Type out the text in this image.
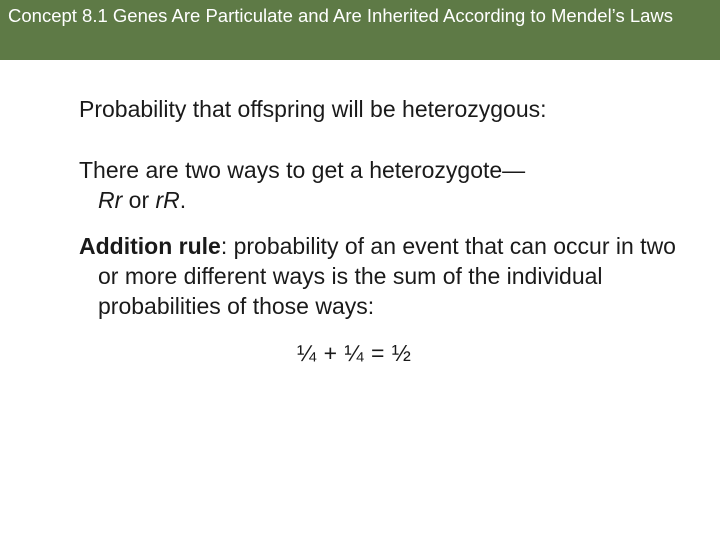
Concept 8.1 Genes Are Particulate and Are Inherited According to Mendel’s Laws

Probability that offspring will be heterozygous:

There are two ways to get a heterozygote—
Rr or rR.

Addition rule: probability of an event that can occur in two or more different ways is the sum of the individual probabilities of those ways:

¼ + ¼ = ½
